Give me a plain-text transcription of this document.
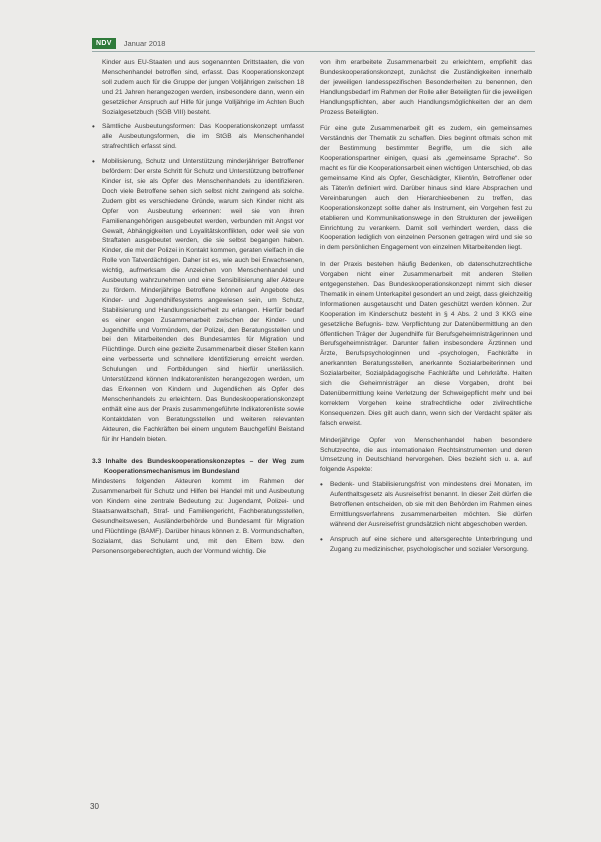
NDV	Januar 2018

Kinder aus EU-Staaten und aus sogenannten Drittstaaten, die von Menschenhandel betroffen sind, erfasst. Das Kooperationskonzept soll zudem auch für die Gruppe der jungen Volljährigen zwischen 18 und 21 Jahren herangezogen werden, insbesondere dann, wenn ein gesetzlicher Anspruch auf Hilfe für junge Volljährige im Achten Buch Sozialgesetzbuch (SGB VIII) besteht.

• Sämtliche Ausbeutungsformen: Das Kooperationskonzept umfasst alle Ausbeutungsformen, die im StGB als Menschenhandel strafrechtlich erfasst sind.

• Mobilisierung, Schutz und Unterstützung minderjähriger Betroffener befördern: Der erste Schritt für Schutz und Unterstützung betroffener Kinder ist, sie als Opfer des Menschenhandels zu identifizieren. Doch viele Betroffene sehen sich selbst nicht zwingend als solche. Zudem gibt es verschiedene Gründe, warum sich Kinder nicht als Opfer von Ausbeutung erkennen: weil sie von ihren Familienangehörigen ausgebeutet werden, verbunden mit Angst vor Gewalt, Abhängigkeiten und Loyalitätskonflikten, oder weil sie von Straftaten ausgebeutet werden, die sie selbst begangen haben. Kinder, die mit der Polizei in Kontakt kommen, geraten vielfach in die Rolle von Tatverdächtigen. Daher ist es, wie auch bei Erwachsenen, wichtig, aufmerksam die Anzeichen von Menschenhandel und Ausbeutung wahrzunehmen und eine Sensibilisierung aller Akteure zu fördern. Minderjährige Betroffene können auf Angebote des Kinder- und Jugendhilfesystems angewiesen sein, um Schutz, Stabilisierung und Handlungssicherheit zu erlangen. Hierfür bedarf es einer engen Zusammenarbeit zwischen der Kinder- und Jugendhilfe und Vormündern, der Polizei, den Beratungsstellen und bei den Mitarbeitenden des Bundesamtes für Migration und Flüchtlinge. Durch eine gezielte Zusammenarbeit dieser Stellen kann eine verbesserte und schnellere Identifizierung erreicht werden. Schulungen und Fortbildungen sind hierfür unerlässlich. Unterstützend können Indikatorenlisten herangezogen werden, um das Erkennen von Kindern und Jugendlichen als Opfer des Menschenhandels zu erleichtern. Das Bundeskooperationskonzept enthält eine aus der Praxis zusammengeführte Indikatorenliste sowie Kontaktdaten von Beratungsstellen und weiteren relevanten Akteuren, die Fachkräften bei einem ungutem Bauchgefühl Beistand für ihr Handeln bieten.

3.3 Inhalte des Bundeskooperationskonzeptes – der Weg zum Kooperationsmechanismus im Bundesland

Mindestens folgenden Akteuren kommt im Rahmen der Zusammenarbeit für Schutz und Hilfen bei Handel mit und Ausbeutung von Kindern eine zentrale Bedeutung zu: Jugendamt, Polizei- und Staatsanwaltschaft, Straf- und Familiengericht, Fachberatungsstellen, Gesundheitswesen, Ausländerbehörde und Bundesamt für Migration und Flüchtlinge (BAMF). Darüber hinaus können z. B. Vormundschaften, Sozialamt, das Schulamt und, mit den Eltern bzw. den Personensorgeberechtigten, auch der Vormund wichtig. Die

von ihm erarbeitete Zusammenarbeit zu erleichtern, empfiehlt das Bundeskooperationskonzept, zunächst die Zuständigkeiten innerhalb der jeweiligen landesspezifischen Besonderheiten zu benennen, den Handlungsbedarf im Rahmen der Rolle aller Beteiligten für die jeweiligen Handlungspflichten, aber auch Handlungsmöglichkeiten der an dem Prozess Beteiligten.

Für eine gute Zusammenarbeit gilt es zudem, ein gemeinsames Verständnis der Thematik zu schaffen. Dies beginnt oftmals schon mit der Bestimmung bestimmter Begriffe, um die sich alle Kooperationspartner einigen, quasi als „gemeinsame Sprache“. So macht es für die Kooperationsarbeit einen wichtigen Unterschied, ob das gemeinsame Kind als Opfer, Geschädigter, Klient/in, Betroffener oder als Täter/in definiert wird. Darüber hinaus sind klare Absprachen und Vereinbarungen auch den Hierarchieebenen zu treffen, das Kooperationskonzept sollte daher als Instrument, ein Vorgehen fest zu etablieren und Kommunikationswege in den Strukturen der jeweiligen Einrichtung zu verankern. Damit soll verhindert werden, dass die Kooperation lediglich von einzelnen Personen getragen wird und sie so in dem persönlichen Engagement von einzelnen Mitarbeitenden liegt.

In der Praxis bestehen häufig Bedenken, ob datenschutzrechtliche Vorgaben nicht einer Zusammenarbeit mit anderen Stellen entgegenstehen. Das Bundeskooperationskonzept nimmt sich dieser Thematik in einem Unterkapitel gesondert an und zeigt, dass gleichzeitig Informationen ausgetauscht und Daten geschützt werden können. Zur Kooperation im Kinderschutz besteht in § 4 Abs. 2 und 3 KKG eine gesetzliche Befugnis- bzw. Verpflichtung zur Datenübermittlung an den öffentlichen Träger der Jugendhilfe für Berufsgeheimnisträgerinnen und Berufsgeheimnisträger. Darunter fallen insbesondere Ärztinnen und Ärzte, Berufspsychologinnen und -psychologen, Fachkräfte in anerkannten Beratungsstellen, anerkannte Sozialarbeiterinnen und Sozialarbeiter, Sozialpädagogische Fachkräfte und Lehrkräfte. Halten sich die Geheimnisträger an diese Vorgaben, droht bei Datenübermittlung keine Verletzung der Schweigepflicht mehr und bei korrektem Vorgehen keine strafrechtliche oder zivilrechtliche Konsequenzen. Dies gilt auch dann, wenn sich der Verdacht später als falsch erweist.

Minderjährige Opfer von Menschenhandel haben besondere Schutzrechte, die aus internationalen Rechtsinstrumenten und deren Umsetzung in Deutschland hervorgehen. Dies bezieht sich u. a. auf folgende Aspekte:

• Bedenk- und Stabilisierungsfrist von mindestens drei Monaten, im Aufenthaltsgesetz als Ausreisefrist benannt. In dieser Zeit dürfen die Betroffenen entscheiden, ob sie mit den Behörden im Rahmen eines Ermittlungsverfahrens zusammenarbeiten möchten. Sie dürfen während der Ausreisefrist grundsätzlich nicht abgeschoben werden.

• Anspruch auf eine sichere und altersgerechte Unterbringung und Zugang zu medizinischer, psychologischer und sozialer Versorgung.

30
